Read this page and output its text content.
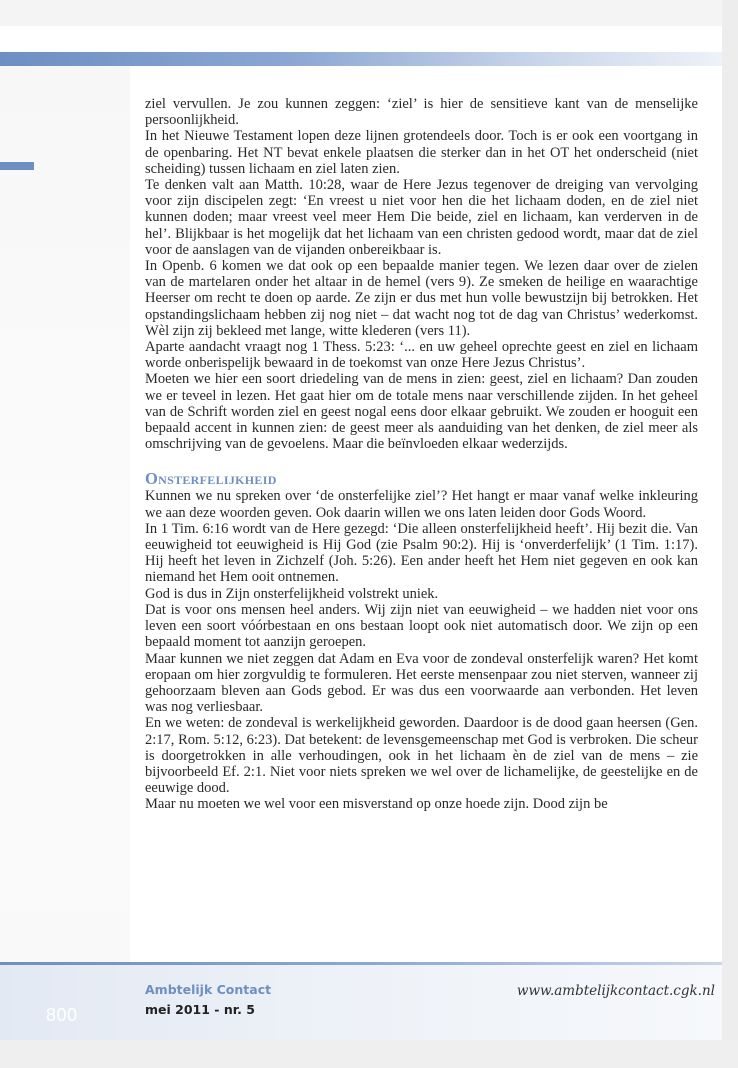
ziel vervullen. Je zou kunnen zeggen: ‘ziel’ is hier de sensitieve kant van de menselijke persoonlijkheid.

In het Nieuwe Testament lopen deze lijnen grotendeels door. Toch is er ook een voortgang in de openbaring. Het NT bevat enkele plaatsen die sterker dan in het OT het onderscheid (niet scheiding) tussen lichaam en ziel laten zien.

Te denken valt aan Matth. 10:28, waar de Here Jezus tegenover de dreiging van vervolging voor zijn discipelen zegt: ‘En vreest u niet voor hen die het lichaam doden, en de ziel niet kunnen doden; maar vreest veel meer Hem Die beide, ziel en lichaam, kan verderven in de hel’. Blijkbaar is het mogelijk dat het lichaam van een christen gedood wordt, maar dat de ziel voor de aanslagen van de vijanden onbereikbaar is.

In Openb. 6 komen we dat ook op een bepaalde manier tegen. We lezen daar over de zielen van de martelaren onder het altaar in de hemel (vers 9). Ze smeken de heilige en waarachtige Heerser om recht te doen op aarde. Ze zijn er dus met hun volle bewustzijn bij betrokken. Het opstandingslichaam hebben zij nog niet – dat wacht nog tot de dag van Christus’ wederkomst. Wèl zijn zij bekleed met lange, witte klederen (vers 11).

Aparte aandacht vraagt nog 1 Thess. 5:23: ‘... en uw geheel oprechte geest en ziel en lichaam worde onberispelijk bewaard in de toekomst van onze Here Jezus Christus’.

Moeten we hier een soort driedeling van de mens in zien: geest, ziel en lichaam? Dan zouden we er teveel in lezen. Het gaat hier om de totale mens naar verschillende zijden. In het geheel van de Schrift worden ziel en geest nogal eens door elkaar gebruikt. We zouden er hooguit een bepaald accent in kunnen zien: de geest meer als aanduiding van het denken, de ziel meer als omschrijving van de gevoelens. Maar die beïnvloeden elkaar wederzijds.

Onsterfelijkheid

Kunnen we nu spreken over ‘de onsterfelijke ziel’? Het hangt er maar vanaf welke inkleuring we aan deze woorden geven. Ook daarin willen we ons laten leiden door Gods Woord.

In 1 Tim. 6:16 wordt van de Here gezegd: ‘Die alleen onsterfelijkheid heeft’. Hij bezit die. Van eeuwigheid tot eeuwigheid is Hij God (zie Psalm 90:2). Hij is ‘onverderfelijk’ (1 Tim. 1:17). Hij heeft het leven in Zichzelf (Joh. 5:26). Een ander heeft het Hem niet gegeven en ook kan niemand het Hem ooit ontnemen.

God is dus in Zijn onsterfelijkheid volstrekt uniek.

Dat is voor ons mensen heel anders. Wij zijn niet van eeuwigheid – we hadden niet voor ons leven een soort vóórbestaan en ons bestaan loopt ook niet automatisch door. We zijn op een bepaald moment tot aanzijn geroepen.

Maar kunnen we niet zeggen dat Adam en Eva voor de zondeval onsterfelijk waren? Het komt eropaan om hier zorgvuldig te formuleren. Het eerste mensenpaar zou niet sterven, wanneer zij gehoorzaam bleven aan Gods gebod. Er was dus een voorwaarde aan verbonden. Het leven was nog verliesbaar.

En we weten: de zondeval is werkelijkheid geworden. Daardoor is de dood gaan heersen (Gen. 2:17, Rom. 5:12, 6:23). Dat betekent: de levensgemeenschap met God is verbroken. Die scheur is doorgetrokken in alle verhoudingen, ook in het lichaam èn de ziel van de mens – zie bijvoorbeeld Ef. 2:1. Niet voor niets spreken we wel over de lichamelijke, de geestelijke en de eeuwige dood.

Maar nu moeten we wel voor een misverstand op onze hoede zijn. Dood zijn be

800
Ambtelijk Contact
mei 2011 - nr. 5
www.ambtelijkcontact.cgk.nl
